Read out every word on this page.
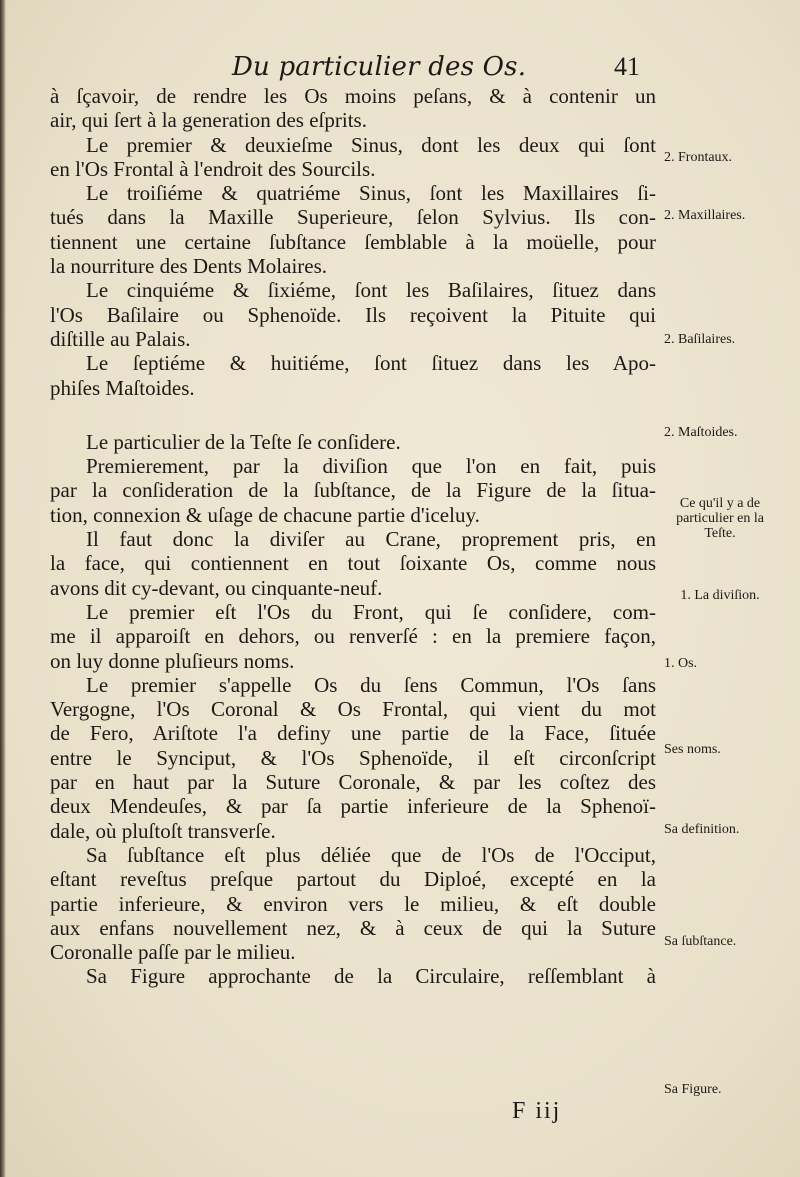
Du particulier des Os.	41
à ſçavoir, de rendre les Os moins peſans, & à contenir un
air, qui ſert à la generation des eſprits.
Le premier & deuxieſme Sinus, dont les deux qui ſont
en l'Os Frontal à l'endroit des Sourcils.
Le troiſiéme & quatriéme Sinus, ſont les Maxillaires ſi-
tués dans la Maxille Superieure, ſelon Sylvius. Ils con-
tiennent une certaine ſubſtance ſemblable à la moüelle, pour
la nourriture des Dents Molaires.
Le cinquiéme & ſixiéme, ſont les Baſilaires, ſituez dans
l'Os Baſilaire ou Sphenoïde. Ils reçoivent la Pituite qui
diſtille au Palais.
Le ſeptiéme & huitiéme, ſont ſituez dans les Apo-
phiſes Maſtoides.
Le particulier de la Teſte ſe conſidere.
Premierement, par la diviſion que l'on en fait, puis
par la conſideration de la ſubſtance, de la Figure de la ſitua-
tion, connexion & uſage de chacune partie d'iceluy.
Il faut donc la diviſer au Crane, proprement pris, en
la face, qui contiennent en tout ſoixante Os, comme nous
avons dit cy-devant, ou cinquante-neuf.
Le premier eſt l'Os du Front, qui ſe conſidere, com-
me il apparoiſt en dehors, ou renverſé : en la premiere façon,
on luy donne pluſieurs noms.
Le premier s'appelle Os du ſens Commun, l'Os ſans
Vergogne, l'Os Coronal & Os Frontal, qui vient du mot
de Fero, Ariſtote l'a definy une partie de la Face, ſituée
entre le Synciput, & l'Os Sphenoïde, il eſt circonſcript
par en haut par la Suture Coronale, & par les coſtez des
deux Mendeuſes, & par ſa partie inferieure de la Sphenoï-
dale, où pluſtoſt transverſe.
Sa ſubſtance eſt plus déliée que de l'Os de l'Occiput,
eſtant reveſtus preſque partout du Diploé, excepté en la
partie inferieure, & environ vers le milieu, & eſt double
aux enfans nouvellement nez, & à ceux de qui la Suture
Coronalle paſſe par le milieu.
Sa Figure approchante de la Circulaire, reſſemblant à
2. Frontaux.
2. Maxillaires.
2. Baſilaires.
2. Maſtoides.
Ce qu'il y a de particulier en la Teſte.
1. La diviſion.
1. Os.
Ses noms.
Sa definition.
Sa ſubſtance.
Sa Figure.
F iij
